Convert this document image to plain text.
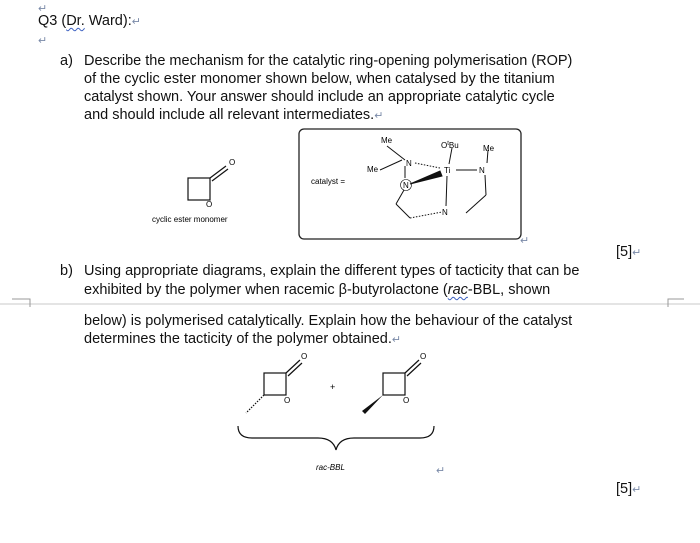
↵
Q3 (Dr. Ward):↵
↵
a) Describe the mechanism for the catalytic ring-opening polymerisation (ROP)
of the cyclic ester monomer shown below, when catalysed by the titanium
catalyst shown. Your answer should include an appropriate catalytic cycle
and should include all relevant intermediates.↵
O
O
cyclic ester monomer
catalyst =
Me
Me
Me
$O^tBu$
N
Ti	N
N
N
↵
[5]↵
b) Using appropriate diagrams, explain the different types of tacticity that can be
exhibited by the polymer when racemic β-butyrolactone (rac-BBL, shown
below) is polymerised catalytically. Explain how the behaviour of the catalyst
determines the tacticity of the polymer obtained.↵
O
O
+
O
O
rac-BBL	↵
[5]↵
